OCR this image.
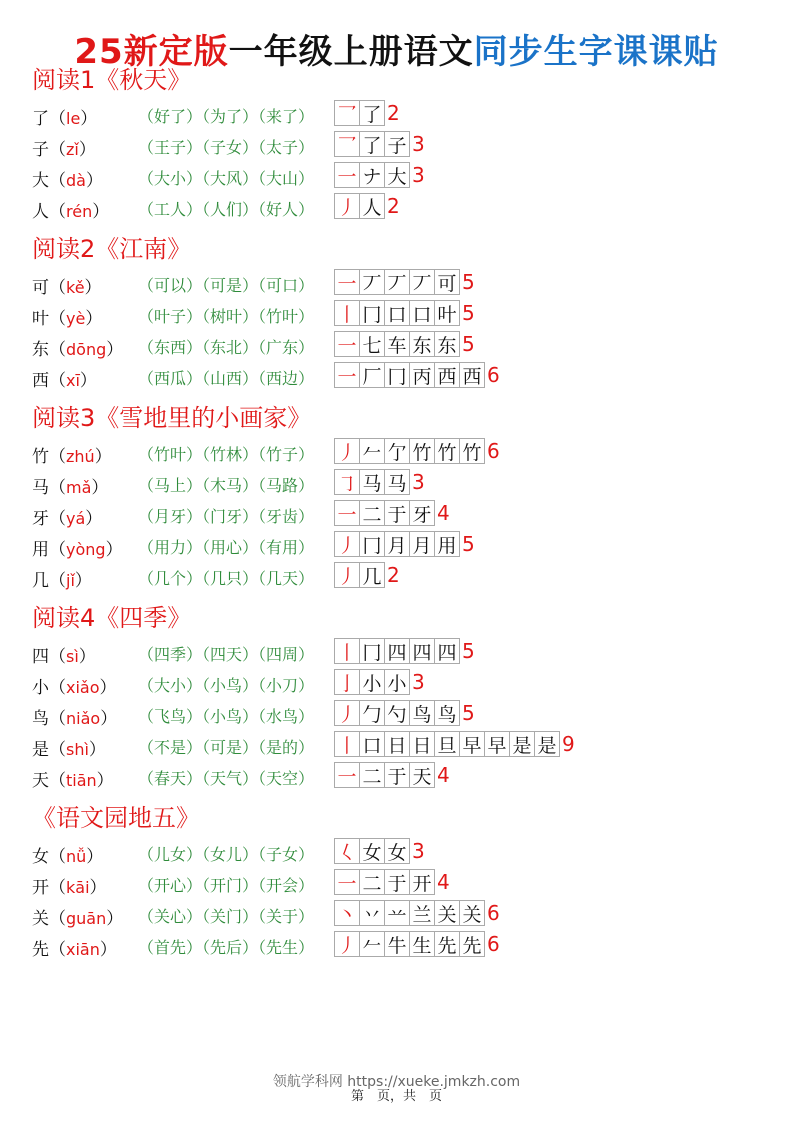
25新定版一年级上册语文同步生字课课贴
阅读1《秋天》
了（le）	（好了）（为了）（来了） 乛 了 2
子（zǐ）	（王子）（子女）（太子） 乛 了 子 3
大（dà） （大小）（大风）（大山） 一 ナ 大 3
人（rén） （工人）（人们）（好人） 丿 人 2
阅读2《江南》
可（kě） （可以）（可是）（可口） 一 丆 丆 丆 可 5
叶（yè） （叶子）（树叶）（竹叶） 丨 冂 口 口 叶 5
东（dōng） （东西）（东北）（广东） 一 七 车 东 东 5
西（xī）	（西瓜）（山西）（西边） 一 厂 冂 丙 西 西 6
阅读3《雪地里的小画家》
竹（zhú） （竹叶）（竹林）（竹子） 丿 𠂉 亇 竹 竹 竹 6
马（mǎ） （马上）（木马）（马路） ㇆ 马 马 3
牙（yá） （月牙）（门牙）（牙齿） 一 二 于 牙 4
用（yòng） （用力）（用心）（有用） 丿 冂 月 月 用 5
几（jǐ）	（几个）（几只）（几天） 丿 几 2
阅读4《四季》
四（sì）	（四季）（四天）（四周） 丨 冂 四 四 四 5
小（xiǎo） （大小）（小鸟）（小刀） 亅 小 小 3
鸟（niǎo） （飞鸟）（小鸟）（水鸟） 丿 勹 勺 鸟 鸟 5
是（shì） （不是）（可是）（是的） 丨 口 日 日 旦 早 早 是 是 9
天（tiān） （春天）（天气）（天空） 一 二 于 天 4
《语文园地五》
女（nǚ） （儿女）（女儿）（子女） 𡿨 女 女 3
开（kāi） （开心）（开门）（开会） 一 二 于 开 4
关（guān） （关心）（关门）（关于） 丶 丷 䒑 兰 关 关 6
先（xiān） （首先）（先后）（先生） 丿 𠂉 牛 生 先 先 6
领航学科网 https://xueke.jmkzh.com
第　页，共　页
